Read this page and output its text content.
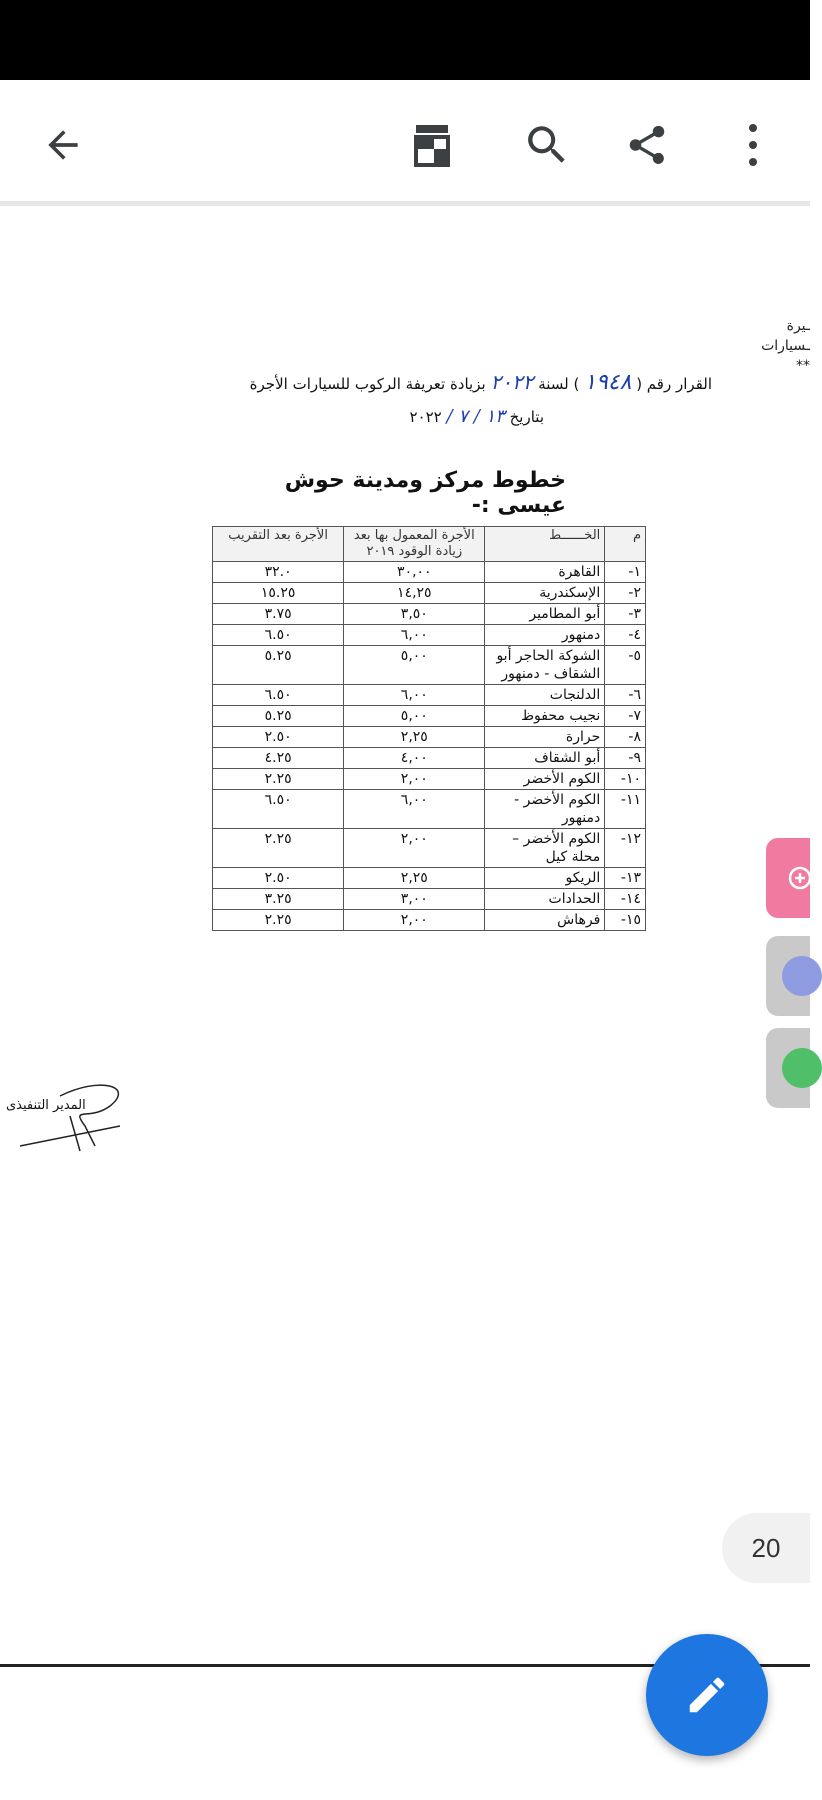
ـيرة
ـسيارات
**
القرار رقم ( ١٩٤٨ ) لسنة ٢٠٢٢ بزيادة تعريفة الركوب للسيارات الأجرة
بتاريخ ١٣ / ٧ / ٢٠٢٢
خطوط مركز ومدينة حوش عيسى :-
م	الخــــــط	الأجرة المعمول بها بعد زيادة الوقود ٢٠١٩	الأجرة بعد التقريب
١-	القاهرة	٣٠,٠٠	٣٢.٠
٢-	الإسكندرية	١٤,٢٥	١٥.٢٥
٣-	أبو المطامير	٣,٥٠	٣.٧٥
٤-	دمنهور	٦,٠٠	٦.٥٠
٥-	الشوكة الحاجر أبو الشقاف - دمنهور	٥,٠٠	٥.٢٥
٦-	الدلنجات	٦,٠٠	٦.٥٠
٧-	نجيب محفوظ	٥,٠٠	٥.٢٥
٨-	حرارة	٢,٢٥	٢.٥٠
٩-	أبو الشقاف	٤,٠٠	٤.٢٥
١٠-	الكوم الأخضر	٢,٠٠	٢.٢٥
١١-	الكوم الأخضر - دمنهور	٦,٠٠	٦.٥٠
١٢-	الكوم الأخضر – محلة كيل	٢,٠٠	٢.٢٥
١٣-	الريكو	٢,٢٥	٢.٥٠
١٤-	الحدادات	٣,٠٠	٣.٢٥
١٥-	فرهاش	٢,٠٠	٢.٢٥
المدير التنفيذى
20
